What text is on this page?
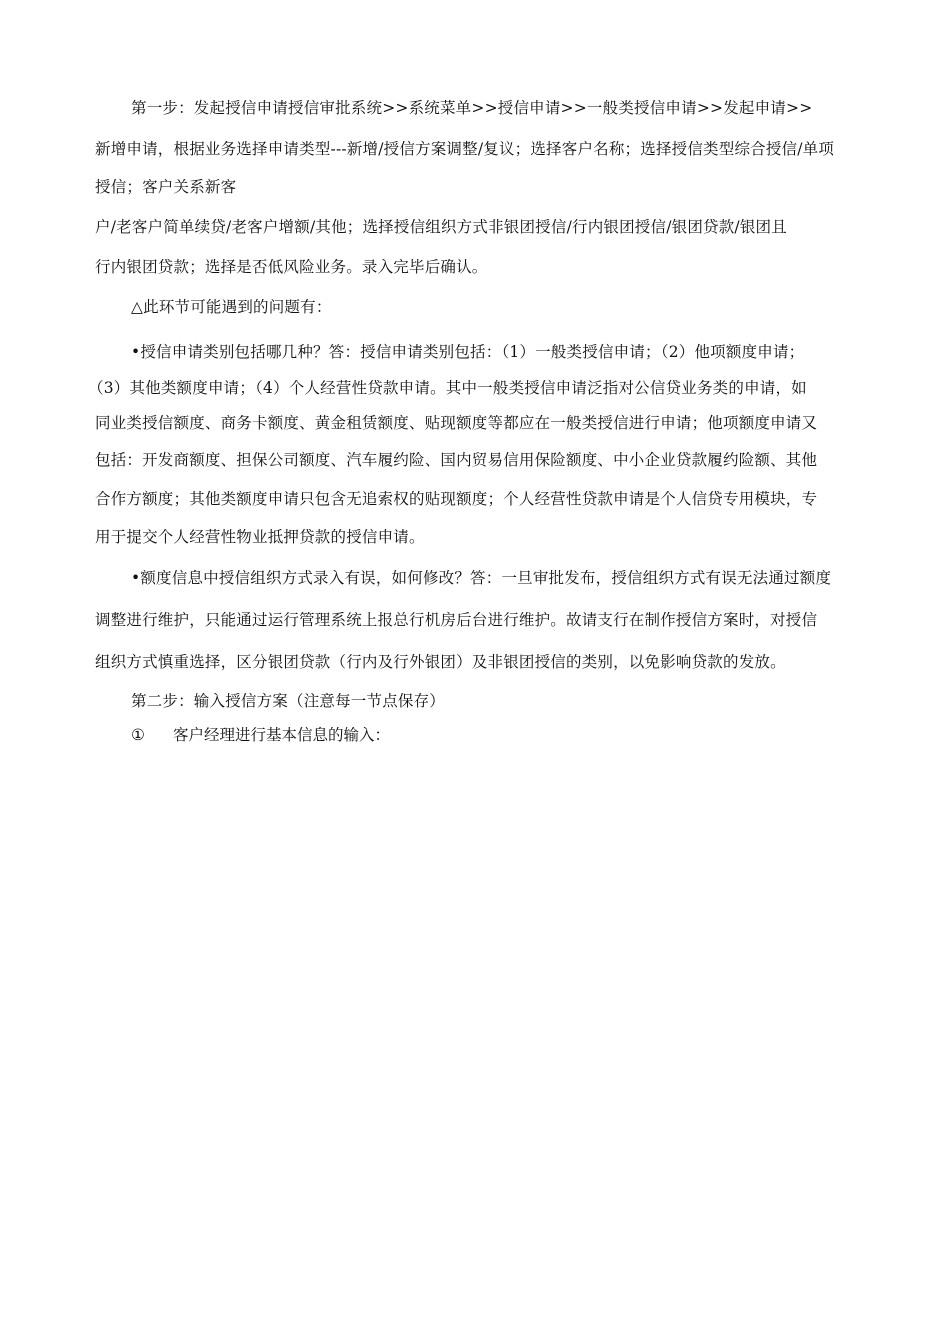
第一步：发起授信申请授信审批系统>>系统菜单>>授信申请>>一般类授信申请>>发起申请>>
新增申请，根据业务选择申请类型---新增/授信方案调整/复议；选择客户名称；选择授信类型综合授信/单项
授信；客户关系新客
户/老客户简单续贷/老客户增额/其他；选择授信组织方式非银团授信/行内银团授信/银团贷款/银团且
行内银团贷款；选择是否低风险业务。录入完毕后确认。
△此环节可能遇到的问题有：
•授信申请类别包括哪几种？答：授信申请类别包括：（1）一般类授信申请；（2）他项额度申请；
（3）其他类额度申请；（4）个人经营性贷款申请。其中一般类授信申请泛指对公信贷业务类的申请，如
同业类授信额度、商务卡额度、黄金租赁额度、贴现额度等都应在一般类授信进行申请；他项额度申请又
包括：开发商额度、担保公司额度、汽车履约险、国内贸易信用保险额度、中小企业贷款履约险额、其他
合作方额度；其他类额度申请只包含无追索权的贴现额度；个人经营性贷款申请是个人信贷专用模块，专
用于提交个人经营性物业抵押贷款的授信申请。
•额度信息中授信组织方式录入有误，如何修改？答：一旦审批发布，授信组织方式有误无法通过额度
调整进行维护，只能通过运行管理系统上报总行机房后台进行维护。故请支行在制作授信方案时，对授信
组织方式慎重选择，区分银团贷款（行内及行外银团）及非银团授信的类别，以免影响贷款的发放。
第二步：输入授信方案（注意每一节点保存）
① 客户经理进行基本信息的输入：
